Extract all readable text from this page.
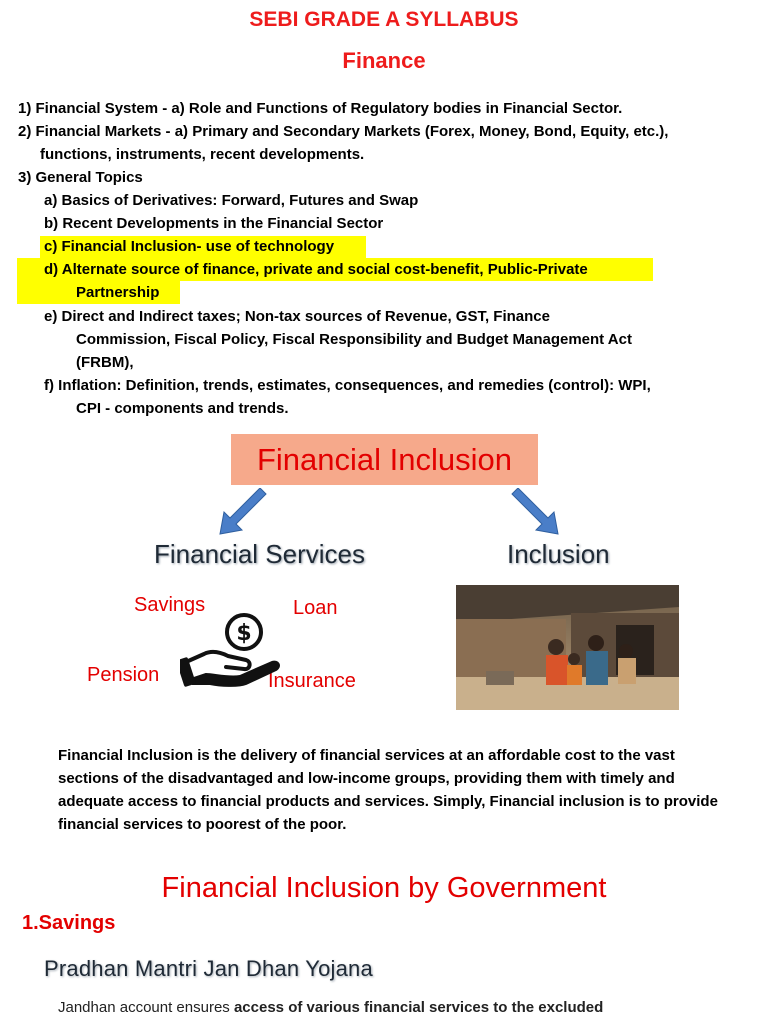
SEBI GRADE A SYLLABUS
Finance
1) Financial System - a) Role and Functions of Regulatory bodies in Financial Sector.
2) Financial Markets - a) Primary and Secondary Markets (Forex, Money, Bond, Equity, etc.),
functions, instruments, recent developments.
3) General Topics
a) Basics of Derivatives: Forward, Futures and Swap
b) Recent Developments in the Financial Sector
c) Financial Inclusion- use of technology
d) Alternate source of finance, private and social cost-benefit, Public-Private
Partnership
e) Direct and Indirect taxes; Non-tax sources of Revenue, GST, Finance
Commission, Fiscal Policy, Fiscal Responsibility and Budget Management Act
(FRBM),
f) Inflation: Definition, trends, estimates, consequences, and remedies (control): WPI,
CPI - components and trends.
Financial Inclusion
Financial Services	Inclusion
Savings	Loan
Pension	Insurance
$
Financial Inclusion is the delivery of financial services at an affordable cost to the vast sections of the disadvantaged and low-income groups, providing them with timely and adequate access to financial products and services. Simply, Financial inclusion is to provide financial services to poorest of the poor.
Financial Inclusion by Government
1.Savings
Pradhan Mantri Jan Dhan Yojana
Jandhan account ensures access of various financial services to the excluded
